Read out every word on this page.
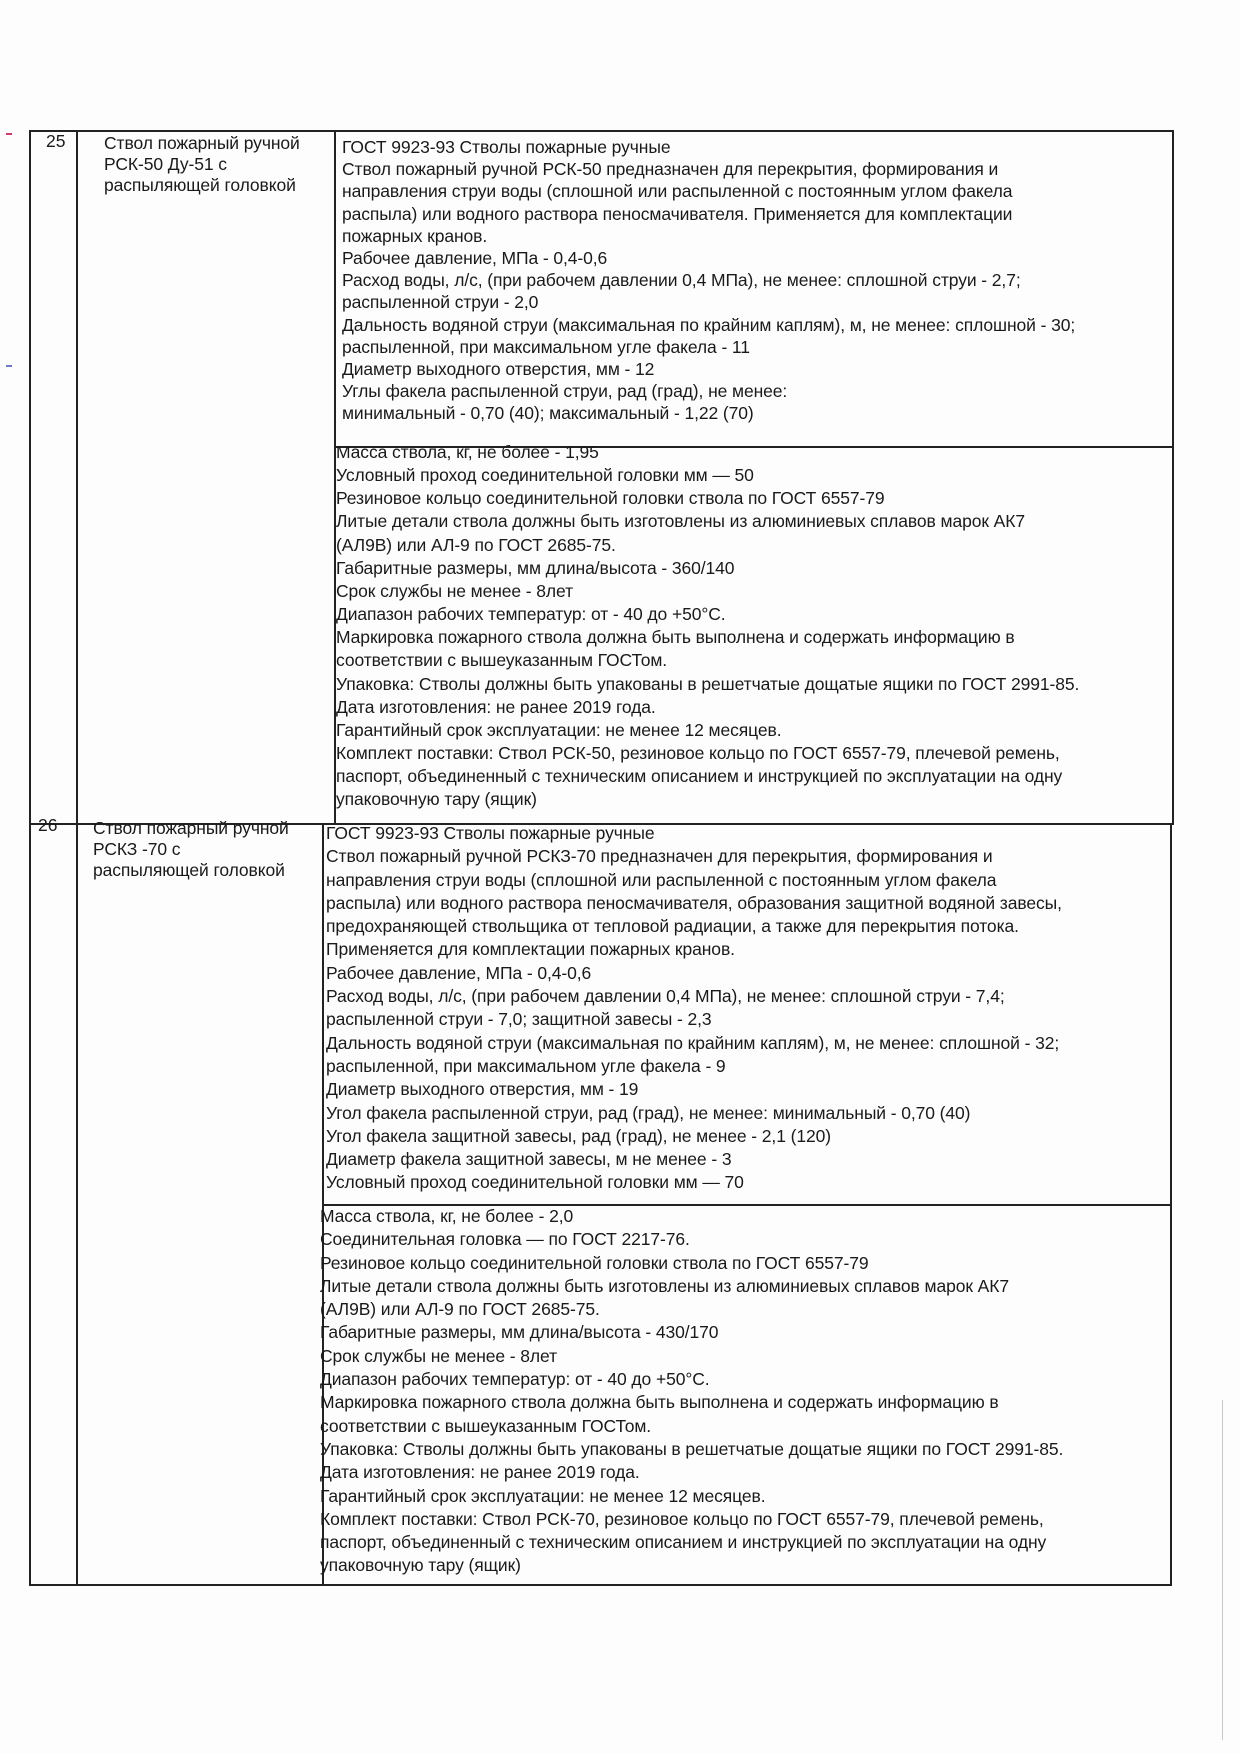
25 Ствол пожарный ручной
РСК-50 Ду-51 с
распыляющей головкой
ГОСТ 9923-93 Стволы пожарные ручные
Ствол пожарный ручной РСК-50 предназначен для перекрытия, формирования и
направления струи воды (сплошной или распыленной с постоянным углом факела
распыла) или водного раствора пеносмачивателя. Применяется для комплектации
пожарных кранов.
Рабочее давление, МПа - 0,4-0,6
Расход воды, л/с, (при рабочем давлении 0,4 МПа), не менее: сплошной струи - 2,7;
распыленной струи - 2,0
Дальность водяной струи (максимальная по крайним каплям), м, не менее: сплошной - 30;
распыленной, при максимальном угле факела - 11
Диаметр выходного отверстия, мм - 12
Углы факела распыленной струи, рад (град), не менее:
минимальный - 0,70 (40); максимальный - 1,22 (70)
Масса ствола, кг, не более - 1,95
Условный проход соединительной головки мм — 50
Резиновое кольцо соединительной головки ствола по ГОСТ 6557-79
Литые детали ствола должны быть изготовлены из алюминиевых сплавов марок АК7
(АЛ9В) или АЛ-9 по ГОСТ 2685-75.
Габаритные размеры, мм длина/высота - 360/140
Срок службы не менее - 8лет
Диапазон рабочих температур: от - 40 до +50°С.
Маркировка пожарного ствола должна быть выполнена и содержать информацию в
соответствии с вышеуказанным ГОСТом.
Упаковка: Стволы должны быть упакованы в решетчатые дощатые ящики по ГОСТ 2991-85.
Дата изготовления: не ранее 2019 года.
Гарантийный срок эксплуатации: не менее 12 месяцев.
Комплект поставки: Ствол РСК-50, резиновое кольцо по ГОСТ 6557-79, плечевой ремень,
паспорт, объединенный с техническим описанием и инструкцией по эксплуатации на одну
упаковочную тару (ящик)
26 Ствол пожарный ручной
РСКЗ -70 с
распыляющей головкой
ГОСТ 9923-93 Стволы пожарные ручные
Ствол пожарный ручной РСКЗ-70 предназначен для перекрытия, формирования и
направления струи воды (сплошной или распыленной с постоянным углом факела
распыла) или водного раствора пеносмачивателя, образования защитной водяной завесы,
предохраняющей ствольщика от тепловой радиации, а также для перекрытия потока.
Применяется для комплектации пожарных кранов.
Рабочее давление, МПа - 0,4-0,6
Расход воды, л/с, (при рабочем давлении 0,4 МПа), не менее: сплошной струи - 7,4;
распыленной струи - 7,0; защитной завесы - 2,3
Дальность водяной струи (максимальная по крайним каплям), м, не менее: сплошной - 32;
распыленной, при максимальном угле факела - 9
Диаметр выходного отверстия, мм - 19
Угол факела распыленной струи, рад (град), не менее: минимальный - 0,70 (40)
Угол факела защитной завесы, рад (град), не менее - 2,1 (120)
Диаметр факела защитной завесы, м не менее - 3
Условный проход соединительной головки мм — 70
Масса ствола, кг, не более - 2,0
Соединительная головка — по ГОСТ 2217-76.
Резиновое кольцо соединительной головки ствола по ГОСТ 6557-79
Литые детали ствола должны быть изготовлены из алюминиевых сплавов марок АК7
(АЛ9В) или АЛ-9 по ГОСТ 2685-75.
Габаритные размеры, мм длина/высота - 430/170
Срок службы не менее - 8лет
Диапазон рабочих температур: от - 40 до +50°С.
Маркировка пожарного ствола должна быть выполнена и содержать информацию в
соответствии с вышеуказанным ГОСТом.
Упаковка: Стволы должны быть упакованы в решетчатые дощатые ящики по ГОСТ 2991-85.
Дата изготовления: не ранее 2019 года.
Гарантийный срок эксплуатации: не менее 12 месяцев.
Комплект поставки: Ствол РСК-70, резиновое кольцо по ГОСТ 6557-79, плечевой ремень,
паспорт, объединенный с техническим описанием и инструкцией по эксплуатации на одну
упаковочную тару (ящик)
